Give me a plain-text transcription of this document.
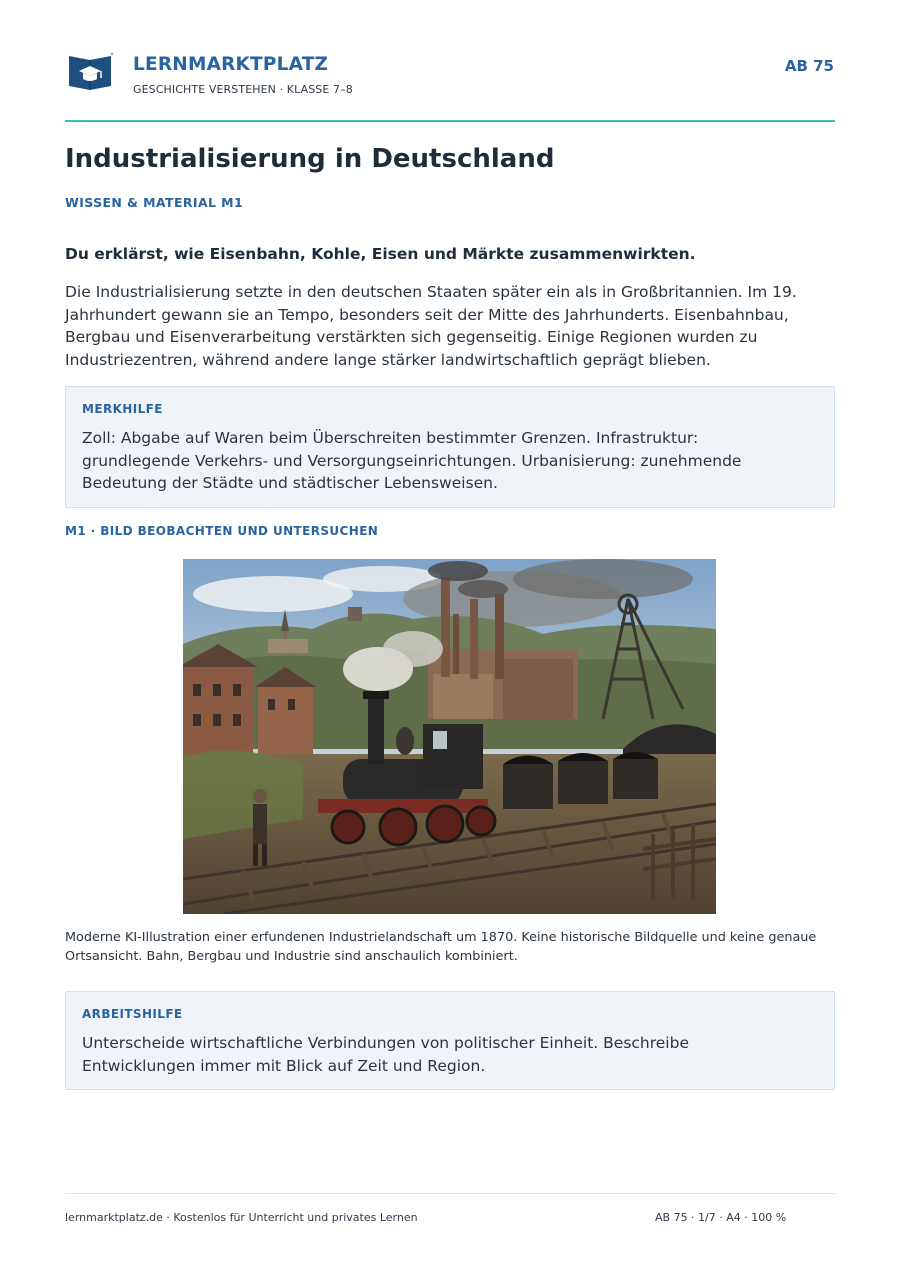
LERNMARKTPLATZ
GESCHICHTE VERSTEHEN · KLASSE 7–8
AB 75
Industrialisierung in Deutschland
WISSEN & MATERIAL M1
Du erklärst, wie Eisenbahn, Kohle, Eisen und Märkte zusammenwirkten.

Die Industrialisierung setzte in den deutschen Staaten später ein als in Großbritannien. Im 19. Jahrhundert gewann sie an Tempo, besonders seit der Mitte des Jahrhunderts. Eisenbahnbau, Bergbau und Eisenverarbeitung verstärkten sich gegenseitig. Einige Regionen wurden zu Industriezentren, während andere lange stärker landwirtschaftlich geprägt blieben.

MERKHILFE

Zoll: Abgabe auf Waren beim Überschreiten bestimmter Grenzen. Infrastruktur: grundlegende Verkehrs- und Versorgungseinrichtungen. Urbanisierung: zunehmende Bedeutung der Städte und städtischer Lebensweisen.

M1 · BILD BEOBACHTEN UND UNTERSUCHEN

Moderne KI-Illustration einer erfundenen Industrielandschaft um 1870. Keine historische Bildquelle und keine genaue Ortsansicht. Bahn, Bergbau und Industrie sind anschaulich kombiniert.

ARBEITSHILFE

Unterscheide wirtschaftliche Verbindungen von politischer Einheit. Beschreibe Entwicklungen immer mit Blick auf Zeit und Region.

lernmarktplatz.de · Kostenlos für Unterricht und privates Lernen	AB 75 · 1/7 · A4 · 100 %
